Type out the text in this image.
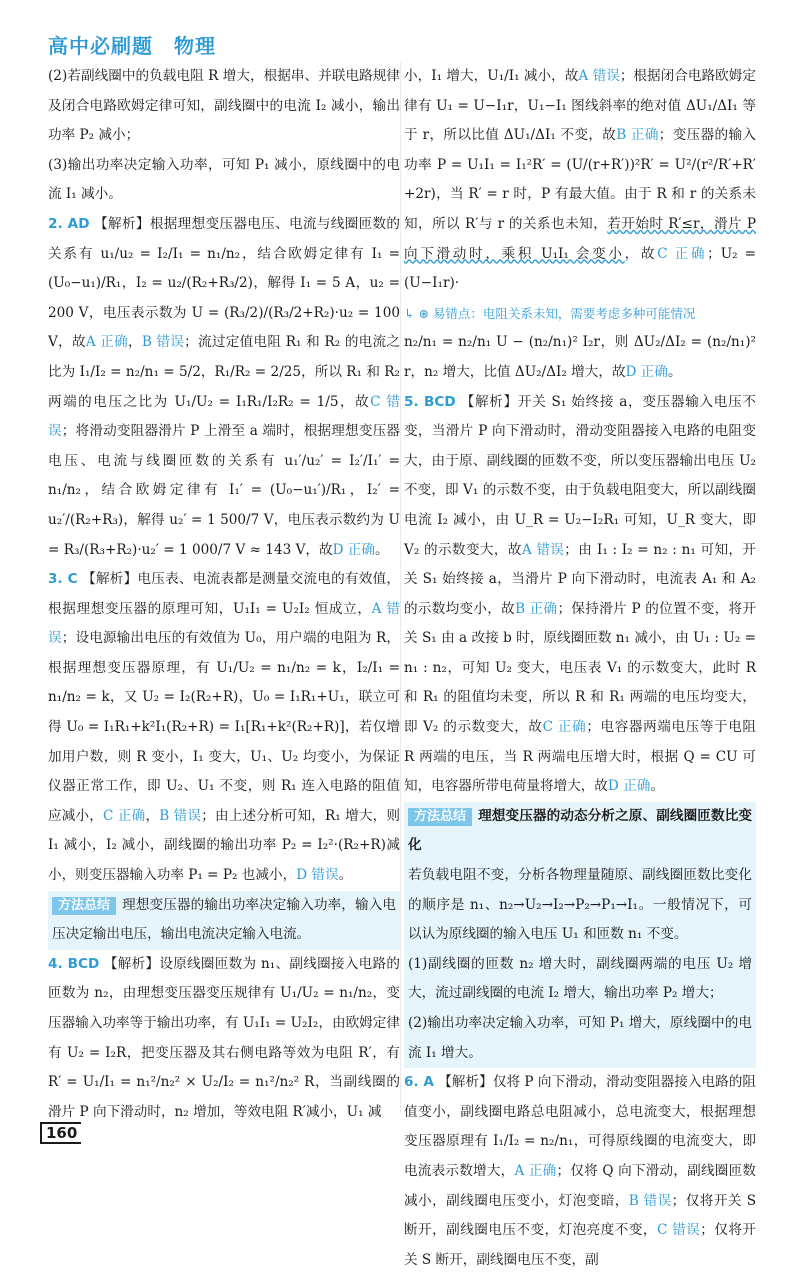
高中必刷题　物理

(2)若副线圈中的负载电阻 R 增大，根据串、并联电路规律及闭合电路欧姆定律可知，副线圈中的电流 I₂ 减小，输出功率 P₂ 减小；

(3)输出功率决定输入功率，可知 P₁ 减小，原线圈中的电流 I₁ 减小。

2. AD 【解析】根据理想变压器电压、电流与线圈匝数的关系有 u₁/u₂ = I₂/I₁ = n₁/n₂，结合欧姆定律有 I₁ = (U₀−u₁)/R₁，I₂ = u₂/(R₂+R₃/2)，解得 I₁ = 5 A，u₂ = 200 V，电压表示数为 U = (R₃/2)/(R₃/2+R₂)·u₂ = 100 V，故A 正确，B 错误；流过定值电阻 R₁ 和 R₂ 的电流之比为 I₁/I₂ = n₂/n₁ = 5/2，R₁/R₂ = 2/25，所以 R₁ 和 R₂ 两端的电压之比为 U₁/U₂ = I₁R₁/I₂R₂ = 1/5，故C 错误；将滑动变阻器滑片 P 上滑至 a 端时，根据理想变压器电压、电流与线圈匝数的关系有 u₁′/u₂′ = I₂′/I₁′ = n₁/n₂，结合欧姆定律有 I₁′ = (U₀−u₁′)/R₁，I₂′ = u₂′/(R₂+R₃)，解得 u₂′ = 1 500/7 V，电压表示数约为 U = R₃/(R₃+R₂)·u₂′ = 1 000/7 V ≈ 143 V，故D 正确。

3. C 【解析】电压表、电流表都是测量交流电的有效值，根据理想变压器的原理可知，U₁I₁ = U₂I₂ 恒成立，A 错误；设电源输出电压的有效值为 U₀，用户端的电阻为 R，根据理想变压器原理，有 U₁/U₂ = n₁/n₂ = k，I₂/I₁ = n₁/n₂ = k，又 U₂ = I₂(R₂+R)，U₀ = I₁R₁+U₁，联立可得 U₀ = I₁R₁+k²I₁(R₂+R) = I₁[R₁+k²(R₂+R)]，若仅增加用户数，则 R 变小，I₁ 变大，U₁、U₂ 均变小，为保证仪器正常工作，即 U₂、U₁ 不变，则 R₁ 连入电路的阻值应减小，C 正确，B 错误；由上述分析可知，R₁ 增大，则 I₁ 减小，I₂ 减小，副线圈的输出功率 P₂ = I₂²·(R₂+R)减小，则变压器输入功率 P₁ = P₂ 也减小，D 错误。

方法总结 理想变压器的输出功率决定输入功率，输入电压决定输出电压，输出电流决定输入电流。

4. BCD 【解析】设原线圈匝数为 n₁、副线圈接入电路的匝数为 n₂，由理想变压器变压规律有 U₁/U₂ = n₁/n₂，变压器输入功率等于输出功率，有 U₁I₁ = U₂I₂，由欧姆定律有 U₂ = I₂R，把变压器及其右侧电路等效为电阻 R′，有 R′ = U₁/I₁ = n₁²/n₂² × U₂/I₂ = n₁²/n₂² R，当副线圈的滑片 P 向下滑动时，n₂ 增加，等效电阻 R′减小，U₁ 减

小，I₁ 增大，U₁/I₁ 减小，故A 错误；根据闭合电路欧姆定律有 U₁ = U−I₁r，U₁−I₁ 图线斜率的绝对值 ΔU₁/ΔI₁ 等于 r，所以比值 ΔU₁/ΔI₁ 不变，故B 正确；变压器的输入功率 P = U₁I₁ = I₁²R′ = (U/(r+R′))²R′ = U²/(r²/R′+R′+2r)，当 R′ = r 时，P 有最大值。由于 R 和 r 的关系未知，所以 R′与 r 的关系也未知，若开始时 R′≤r，滑片 P 向下滑动时，乘积 U₁I₁ 会变小，故C 正确；U₂ = (U−I₁r)·

↳ ⊛ 易错点：电阻关系未知，需要考虑多种可能情况

n₂/n₁ = n₂/n₁ U − (n₂/n₁)² I₂r，则 ΔU₂/ΔI₂ = (n₂/n₁)² r，n₂ 增大，比值 ΔU₂/ΔI₂ 增大，故D 正确。

5. BCD 【解析】开关 S₁ 始终接 a，变压器输入电压不变，当滑片 P 向下滑动时，滑动变阻器接入电路的电阻变大，由于原、副线圈的匝数不变，所以变压器输出电压 U₂ 不变，即 V₁ 的示数不变，由于负载电阻变大，所以副线圈电流 I₂ 减小，由 U_R = U₂−I₂R₁ 可知，U_R 变大，即 V₂ 的示数变大，故A 错误；由 I₁ : I₂ = n₂ : n₁ 可知，开关 S₁ 始终接 a，当滑片 P 向下滑动时，电流表 A₁ 和 A₂ 的示数均变小，故B 正确；保持滑片 P 的位置不变，将开关 S₁ 由 a 改接 b 时，原线圈匝数 n₁ 减小，由 U₁ : U₂ = n₁ : n₂，可知 U₂ 变大，电压表 V₁ 的示数变大，此时 R 和 R₁ 的阻值均未变，所以 R 和 R₁ 两端的电压均变大，即 V₂ 的示数变大，故C 正确；电容器两端电压等于电阻 R 两端的电压，当 R 两端电压增大时，根据 Q = CU 可知，电容器所带电荷量将增大，故D 正确。

方法总结 理想变压器的动态分析之原、副线圈匝数比变化

若负载电阻不变，分析各物理量随原、副线圈匝数比变化的顺序是 n₁、n₂→U₂→I₂→P₂→P₁→I₁。一般情况下，可以认为原线圈的输入电压 U₁ 和匝数 n₁ 不变。

(1)副线圈的匝数 n₂ 增大时，副线圈两端的电压 U₂ 增大，流过副线圈的电流 I₂ 增大，输出功率 P₂ 增大；

(2)输出功率决定输入功率，可知 P₁ 增大，原线圈中的电流 I₁ 增大。

6. A 【解析】仅将 P 向下滑动，滑动变阻器接入电路的阻值变小，副线圈电路总电阻减小，总电流变大，根据理想变压器原理有 I₁/I₂ = n₂/n₁，可得原线圈的电流变大，即电流表示数增大，A 正确；仅将 Q 向下滑动，副线圈匝数减小，副线圈电压变小，灯泡变暗，B 错误；仅将开关 S 断开，副线圈电压不变，灯泡亮度不变，C 错误；仅将开关 S 断开，副线圈电压不变，副

160
